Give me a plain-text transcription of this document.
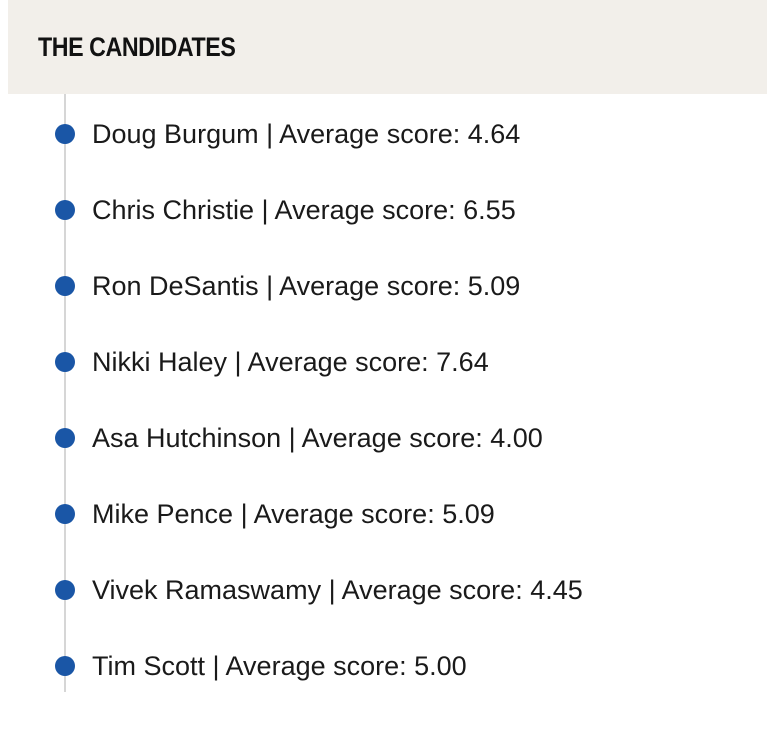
THE CANDIDATES
Doug Burgum | Average score: 4.64
Chris Christie | Average score: 6.55
Ron DeSantis | Average score: 5.09
Nikki Haley | Average score: 7.64
Asa Hutchinson | Average score: 4.00
Mike Pence | Average score: 5.09
Vivek Ramaswamy | Average score: 4.45
Tim Scott | Average score: 5.00
